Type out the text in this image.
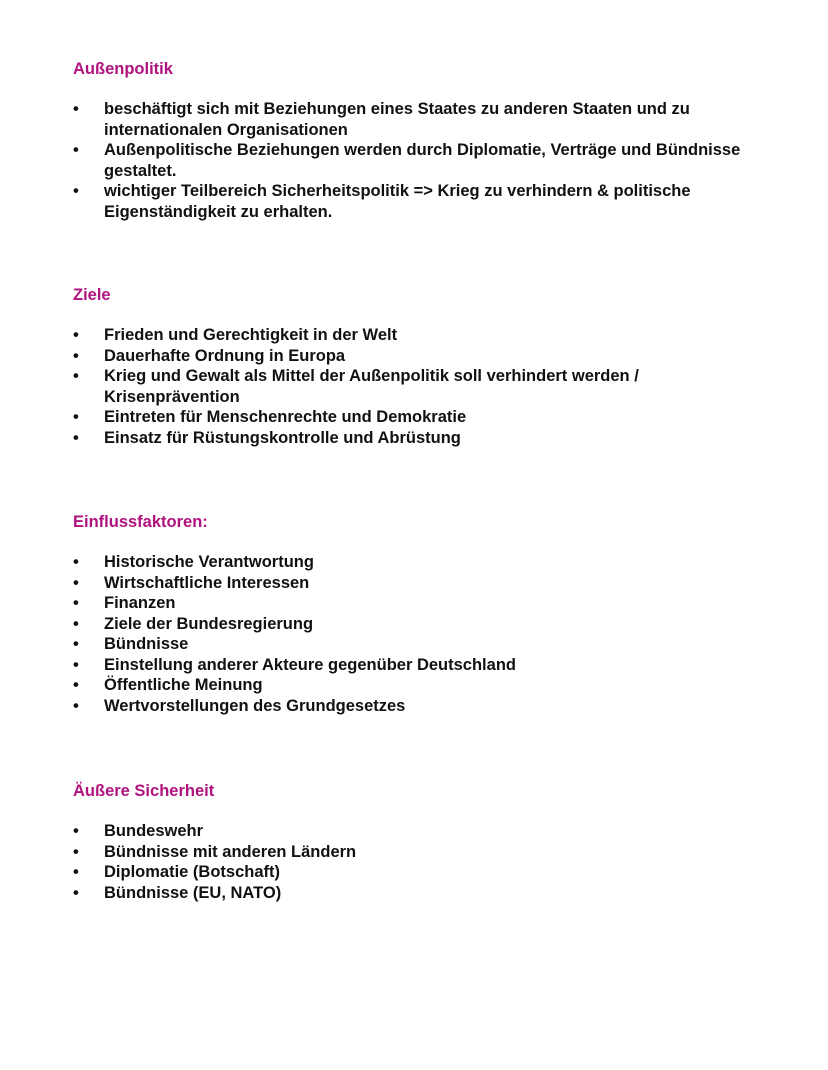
Außenpolitik
•	beschäftigt sich mit Beziehungen eines Staates zu anderen Staaten und zu internationalen Organisationen
•	Außenpolitische Beziehungen werden durch Diplomatie, Verträge und Bündnisse gestaltet.
•	wichtiger Teilbereich Sicherheitspolitik => Krieg zu verhindern & politische Eigenständigkeit zu erhalten.
Ziele
•	Frieden und Gerechtigkeit in der Welt
•	Dauerhafte Ordnung in Europa
•	Krieg und Gewalt als Mittel der Außenpolitik soll verhindert werden / Krisenprävention
•	Eintreten für Menschenrechte und Demokratie
•	Einsatz für Rüstungskontrolle und Abrüstung
Einflussfaktoren:
•	Historische Verantwortung
•	Wirtschaftliche Interessen
•	Finanzen
•	Ziele der Bundesregierung
•	Bündnisse
•	Einstellung anderer Akteure gegenüber Deutschland
•	Öffentliche Meinung
•	Wertvorstellungen des Grundgesetzes
Äußere Sicherheit
•	Bundeswehr
•	Bündnisse mit anderen Ländern
•	Diplomatie (Botschaft)
•	Bündnisse (EU, NATO)
